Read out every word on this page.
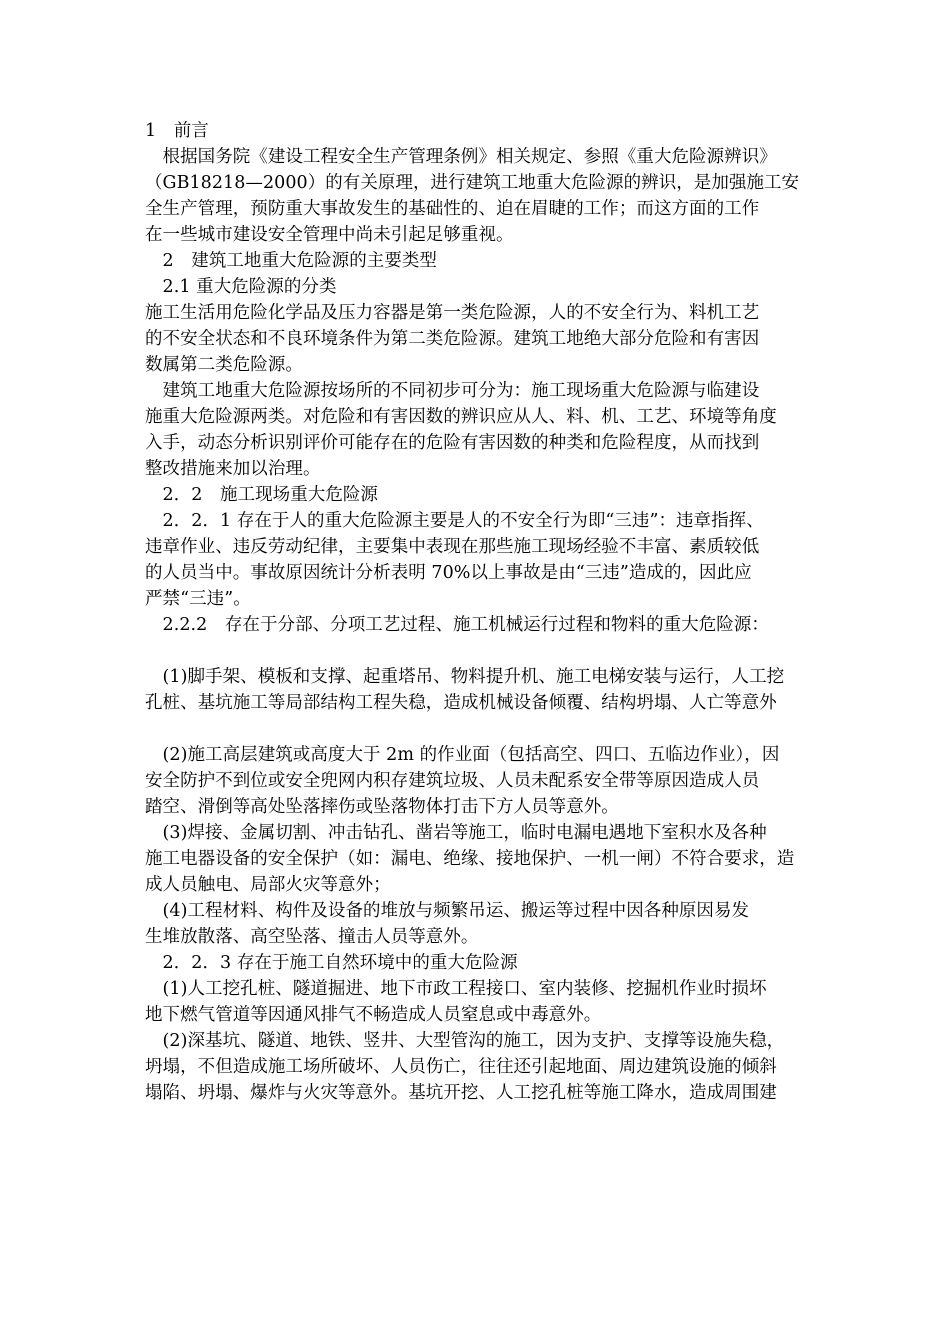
1　前言
　根据国务院《建设工程安全生产管理条例》相关规定、参照《重大危险源辨识》
（GB18218—2000）的有关原理，进行建筑工地重大危险源的辨识，是加强施工安
全生产管理，预防重大事故发生的基础性的、迫在眉睫的工作；而这方面的工作
在一些城市建设安全管理中尚未引起足够重视。
　2　建筑工地重大危险源的主要类型
　2.1 重大危险源的分类
施工生活用危险化学品及压力容器是第一类危险源，人的不安全行为、料机工艺
的不安全状态和不良环境条件为第二类危险源。建筑工地绝大部分危险和有害因
数属第二类危险源。
　建筑工地重大危险源按场所的不同初步可分为：施工现场重大危险源与临建设
施重大危险源两类。对危险和有害因数的辨识应从人、料、机、工艺、环境等角度
入手，动态分析识别评价可能存在的危险有害因数的种类和危险程度，从而找到
整改措施来加以治理。
　2．2　施工现场重大危险源
　2．2．1 存在于人的重大危险源主要是人的不安全行为即“三违”：违章指挥、
违章作业、违反劳动纪律，主要集中表现在那些施工现场经验不丰富、素质较低
的人员当中。事故原因统计分析表明 70%以上事故是由“三违”造成的，因此应
严禁“三违”。
　2.2.2　存在于分部、分项工艺过程、施工机械运行过程和物料的重大危险源：
　(1)脚手架、模板和支撑、起重塔吊、物料提升机、施工电梯安装与运行，人工挖
孔桩、基坑施工等局部结构工程失稳，造成机械设备倾覆、结构坍塌、人亡等意外
　(2)施工高层建筑或高度大于 2m 的作业面（包括高空、四口、五临边作业），因
安全防护不到位或安全兜网内积存建筑垃圾、人员未配系安全带等原因造成人员
踏空、滑倒等高处坠落摔伤或坠落物体打击下方人员等意外。
　(3)焊接、金属切割、冲击钻孔、凿岩等施工，临时电漏电遇地下室积水及各种
施工电器设备的安全保护（如：漏电、绝缘、接地保护、一机一闸）不符合要求，造
成人员触电、局部火灾等意外；
　(4)工程材料、构件及设备的堆放与频繁吊运、搬运等过程中因各种原因易发
生堆放散落、高空坠落、撞击人员等意外。
　2．2．3 存在于施工自然环境中的重大危险源
　(1)人工挖孔桩、隧道掘进、地下市政工程接口、室内装修、挖掘机作业时损坏
地下燃气管道等因通风排气不畅造成人员窒息或中毒意外。
　(2)深基坑、隧道、地铁、竖井、大型管沟的施工，因为支护、支撑等设施失稳，
坍塌，不但造成施工场所破坏、人员伤亡，往往还引起地面、周边建筑设施的倾斜
塌陷、坍塌、爆炸与火灾等意外。基坑开挖、人工挖孔桩等施工降水，造成周围建
